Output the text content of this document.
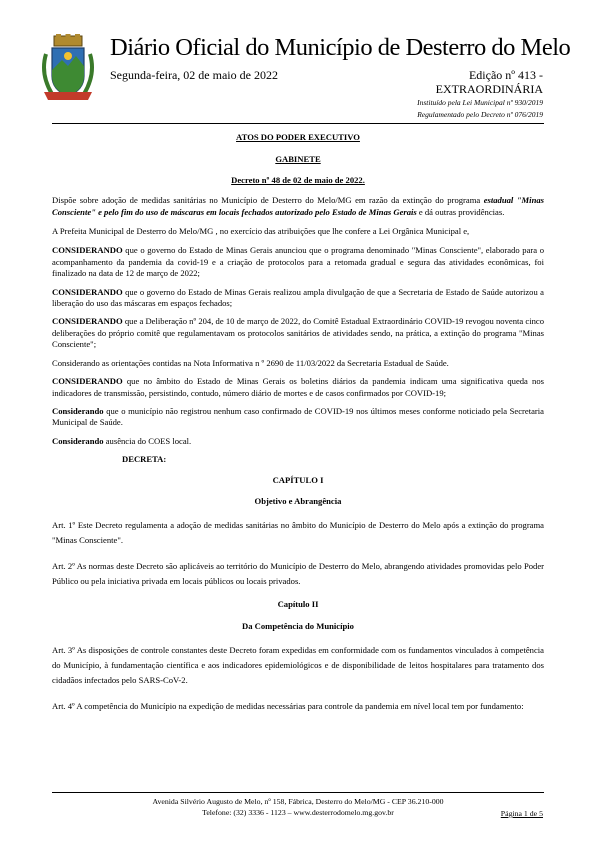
Diário Oficial do Município de Desterro do Melo
Segunda-feira, 02 de maio de 2022	Edição nº 413 -
EXTRAORDINÁRIA
Instituído pela Lei Municipal nº 930/2019
Regulamentado pelo Decreto nº 076/2019

ATOS DO PODER EXECUTIVO

GABINETE

Decreto nº 48 de 02 de maio de 2022.

Dispõe sobre adoção de medidas sanitárias no Município de Desterro do Melo/MG em razão da extinção do programa estadual "Minas Consciente" e pelo fim do uso de máscaras em locais fechados autorizado pelo Estado de Minas Gerais e dá outras providências.

A Prefeita Municipal de Desterro do Melo/MG , no exercício das atribuições que lhe confere a Lei Orgânica Municipal e,

CONSIDERANDO que o governo do Estado de Minas Gerais anunciou que o programa denominado "Minas Consciente", elaborado para o acompanhamento da pandemia da covid-19 e a criação de protocolos para a retomada gradual e segura das atividades econômicas, foi finalizado na data de 12 de março de 2022;

CONSIDERANDO que o governo do Estado de Minas Gerais realizou ampla divulgação de que a Secretaria de Estado de Saúde autorizou a liberação do uso das máscaras em espaços fechados;

CONSIDERANDO que a Deliberação nº 204, de 10 de março de 2022, do Comitê Estadual Extraordinário COVID-19 revogou noventa cinco deliberações do próprio comitê que regulamentavam os protocolos sanitários de atividades sendo, na prática, a extinção do programa "Minas Consciente";

Considerando as orientações contidas na Nota Informativa n º 2690 de 11/03/2022 da Secretaria Estadual de Saúde.

CONSIDERANDO que no âmbito do Estado de Minas Gerais os boletins diários da pandemia indicam uma significativa queda nos indicadores de transmissão, persistindo, contudo, número diário de mortes e de casos confirmados por COVID-19;

Considerando que o município não registrou nenhum caso confirmado de COVID-19 nos últimos meses conforme noticiado pela Secretaria Municipal de Saúde.

Considerando ausência do COES local.

DECRETA:

CAPÍTULO I

Objetivo e Abrangência

Art. 1º Este Decreto regulamenta a adoção de medidas sanitárias no âmbito do Município de Desterro do Melo após a extinção do programa "Minas Consciente".

Art. 2º As normas deste Decreto são aplicáveis ao território do Município de Desterro do Melo, abrangendo atividades promovidas pelo Poder Público ou pela iniciativa privada em locais públicos ou locais privados.

Capítulo II

Da Competência do Município

Art. 3º As disposições de controle constantes deste Decreto foram expedidas em conformidade com os fundamentos vinculados à competência do Município, à fundamentação científica e aos indicadores epidemiológicos e de disponibilidade de leitos hospitalares para tratamento dos cidadãos infectados pelo SARS-CoV-2.

Art. 4º A competência do Município na expedição de medidas necessárias para controle da pandemia em nível local tem por fundamento:

Avenida Silvério Augusto de Melo, nº 158, Fábrica, Desterro do Melo/MG - CEP 36.210-000
Telefone: (32) 3336 - 1123 – www.desterrodomelo.mg.gov.br	Página 1 de 5
